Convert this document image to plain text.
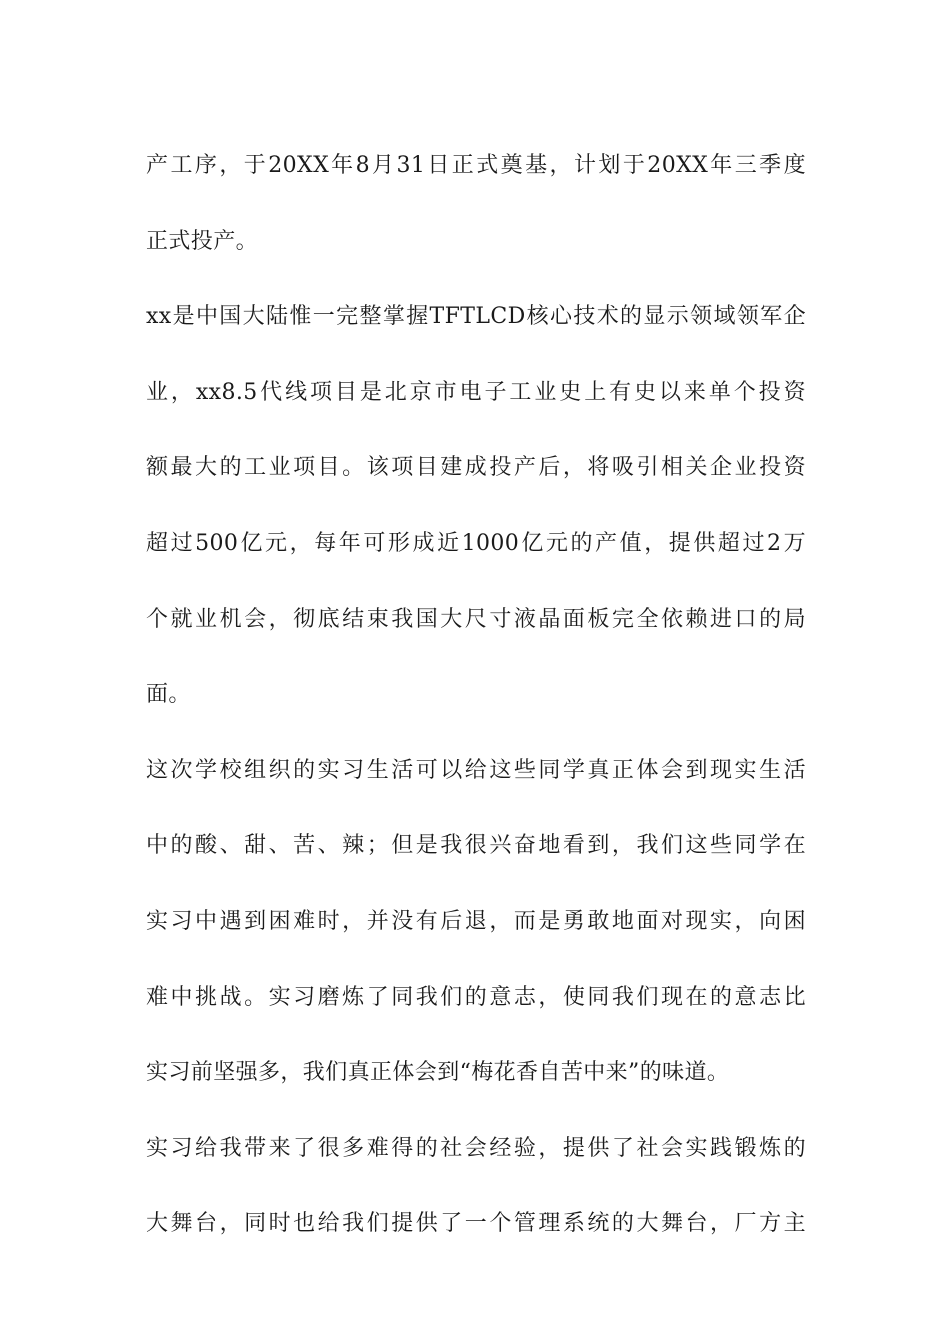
产工序，于20XX年8月31日正式奠基，计划于20XX年三季度
正式投产。
xx是中国大陆惟一完整掌握TFTLCD核心技术的显示领域领军企
业，xx8.5代线项目是北京市电子工业史上有史以来单个投资
额最大的工业项目。该项目建成投产后，将吸引相关企业投资
超过500亿元，每年可形成近1000亿元的产值，提供超过2万
个就业机会，彻底结束我国大尺寸液晶面板完全依赖进口的局
面。
这次学校组织的实习生活可以给这些同学真正体会到现实生活
中的酸、甜、苦、辣；但是我很兴奋地看到，我们这些同学在
实习中遇到困难时，并没有后退，而是勇敢地面对现实，向困
难中挑战。实习磨炼了同我们的意志，使同我们现在的意志比
实习前坚强多，我们真正体会到“梅花香自苦中来”的味道。
实习给我带来了很多难得的社会经验，提供了社会实践锻炼的
大舞台，同时也给我们提供了一个管理系统的大舞台，厂方主
